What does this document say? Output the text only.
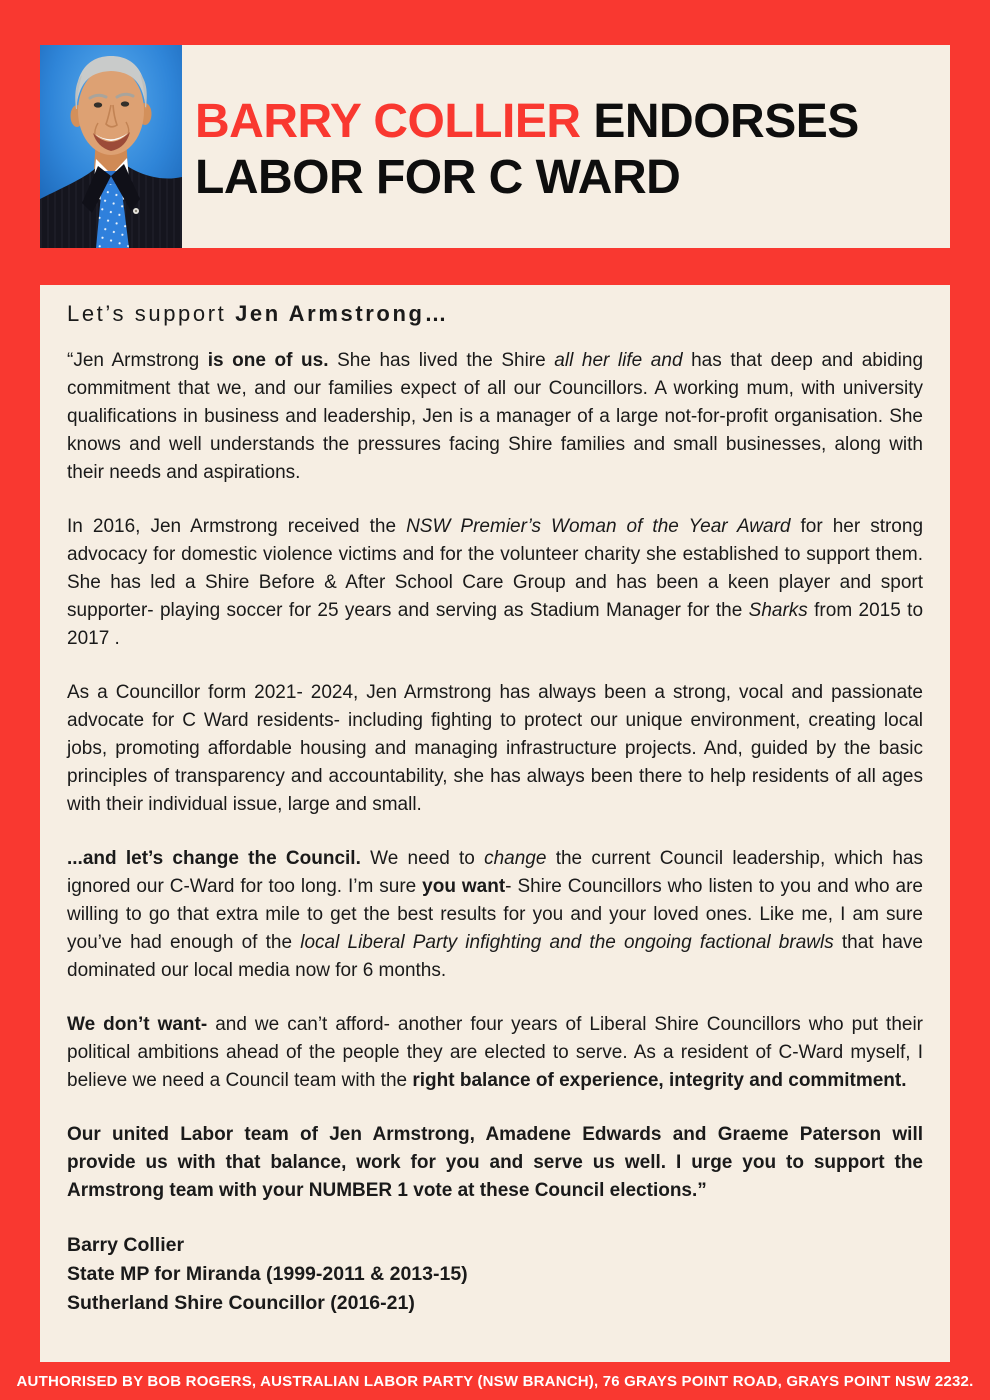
BARRY COLLIER ENDORSES
LABOR FOR C WARD
Let’s support Jen Armstrong…

“Jen Armstrong is one of us. She has lived the Shire all her life and has that deep and abiding commitment that we, and our families expect of all our Councillors. A working mum, with university qualifications in business and leadership, Jen is a manager of a large not-for-profit organisation. She knows and well understands the pressures facing Shire families and small businesses, along with their needs and aspirations.

In 2016, Jen Armstrong received the NSW Premier’s Woman of the Year Award for her strong advocacy for domestic violence victims and for the volunteer charity she established to support them. She has led a Shire Before & After School Care Group and has been a keen player and sport supporter- playing soccer for 25 years and serving as Stadium Manager for the Sharks from 2015 to 2017 .

As a Councillor form 2021- 2024, Jen Armstrong has always been a strong, vocal and passionate advocate for C Ward residents- including fighting to protect our unique environment, creating local jobs, promoting affordable housing and managing infrastructure projects. And, guided by the basic principles of transparency and accountability, she has always been there to help residents of all ages with their individual issue, large and small.

...and let’s change the Council. We need to change the current Council leadership, which has ignored our C-Ward for too long. I’m sure you want- Shire Councillors who listen to you and who are willing to go that extra mile to get the best results for you and your loved ones. Like me, I am sure you’ve had enough of the local Liberal Party infighting and the ongoing factional brawls that have dominated our local media now for 6 months.

We don’t want- and we can’t afford- another four years of Liberal Shire Councillors who put their political ambitions ahead of the people they are elected to serve. As a resident of C-Ward myself, I believe we need a Council team with the right balance of experience, integrity and commitment.

Our united Labor team of Jen Armstrong, Amadene Edwards and Graeme Paterson will provide us with that balance, work for you and serve us well. I urge you to support the Armstrong team with your NUMBER 1 vote at these Council elections.”

Barry Collier
State MP for Miranda (1999-2011 & 2013-15)
Sutherland Shire Councillor (2016-21)
AUTHORISED BY BOB ROGERS, AUSTRALIAN LABOR PARTY (NSW BRANCH), 76 GRAYS POINT ROAD, GRAYS POINT NSW 2232.
